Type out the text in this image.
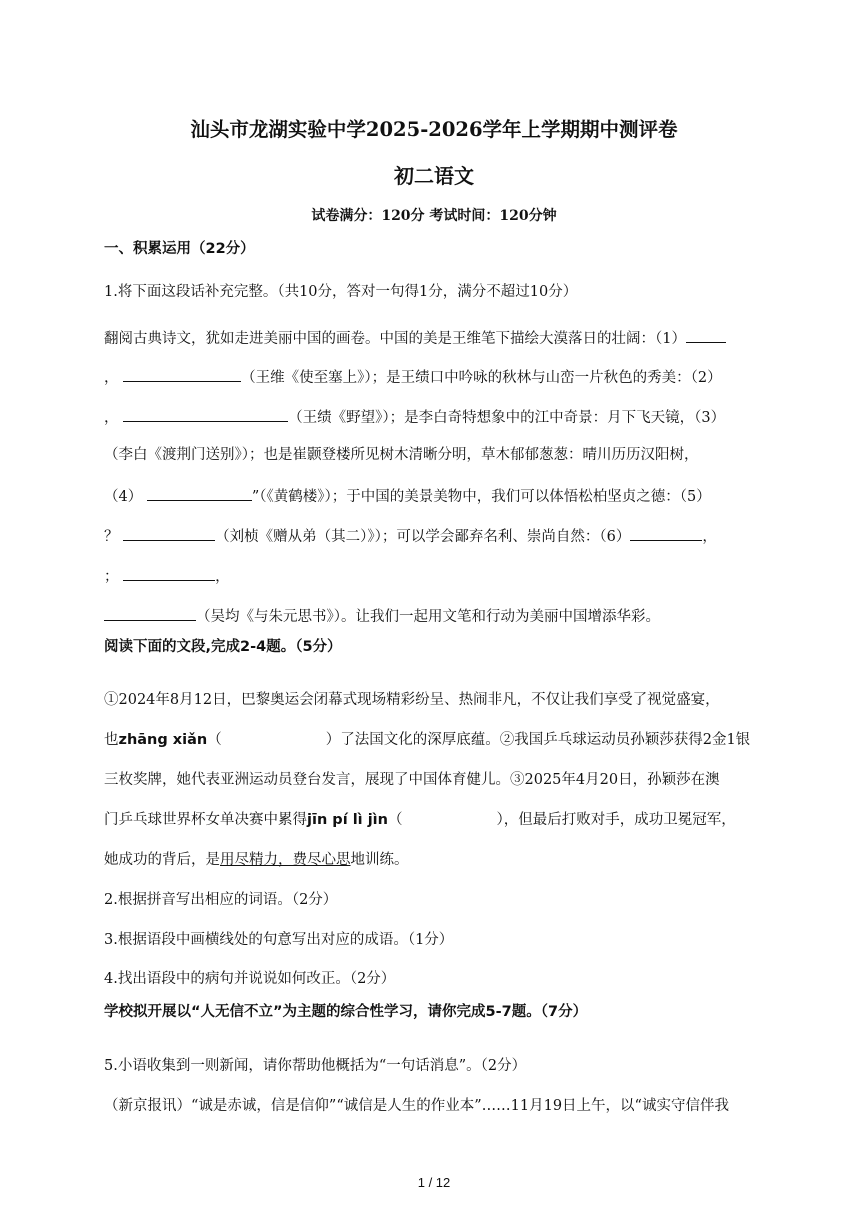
汕头市龙湖实验中学2025-2026学年上学期期中测评卷
初二语文
试卷满分：120分 考试时间：120分钟
一、积累运用（22分）
1.将下面这段话补充完整。（共10分，答对一句得1分，满分不超过10分）
翻阅古典诗文，犹如走进美丽中国的画卷。中国的美是王维笔下描绘大漠落日的壮阔：（1）
，	（王维《使至塞上》）；是王绩口中吟咏的秋林与山峦一片秋色的秀美：（2）
，	（王绩《野望》）；是李白奇特想象中的江中奇景：月下飞天镜，（3）
（李白《渡荆门送别》）；也是崔颢登楼所见树木清晰分明，草木郁郁葱葱：晴川历历汉阳树，
（4）	”（《黄鹤楼》）；于中国的美景美物中，我们可以体悟松柏坚贞之德：（5）
？	（刘桢《赠从弟（其二）》）；可以学会鄙弃名利、崇尚自然：（6）	，
；	，
（吴均《与朱元思书》）。让我们一起用文笔和行动为美丽中国增添华彩。
阅读下面的文段,完成2-4题。（5分）
①2024年8月12日，巴黎奥运会闭幕式现场精彩纷呈、热闹非凡，不仅让我们享受了视觉盛宴，
也zhāng xiǎn（	）了法国文化的深厚底蕴。②我国乒乓球运动员孙颖莎获得2金1银
三枚奖牌，她代表亚洲运动员登台发言，展现了中国体育健儿。③2025年4月20日，孙颖莎在澳
门乒乓球世界杯女单决赛中累得jīn pí lì jìn（	），但最后打败对手，成功卫冕冠军，
她成功的背后，是用尽精力，费尽心思地训练。
2.根据拼音写出相应的词语。（2分）
3.根据语段中画横线处的句意写出对应的成语。（1分）
4.找出语段中的病句并说说如何改正。（2分）
学校拟开展以“人无信不立”为主题的综合性学习，请你完成5-7题。（7分）
5.小语收集到一则新闻，请你帮助他概括为“一句话消息”。（2分）
（新京报讯）“诚是赤诚，信是信仰”“诚信是人生的作业本”……11月19日上午，以“诚实守信伴我
1 / 12
